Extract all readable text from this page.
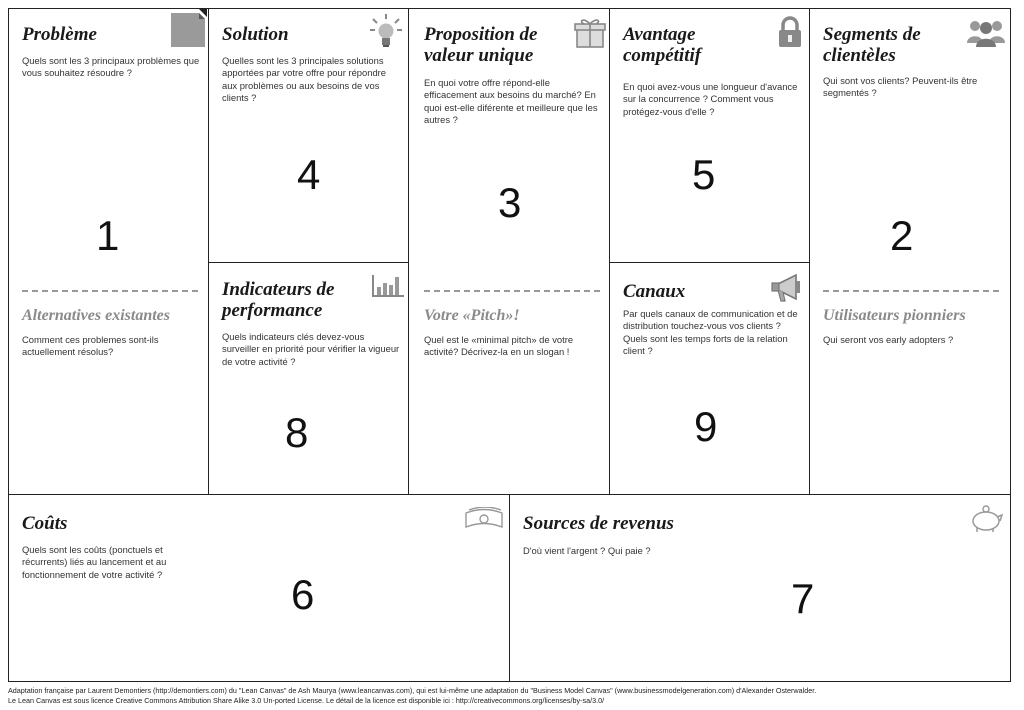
Problème
Quels sont les 3 principaux problèmes que vous souhaitez résoudre ?
1
Alternatives existantes
Comment ces problemes sont-ils actuellement résolus?
Solution
Quelles sont les 3 principales solutions apportées par votre offre pour répondre aux problèmes ou aux besoins de vos clients ?
4
Indicateurs de performance
Quels indicateurs clés devez-vous surveiller en priorité pour vérifier la vigueur de votre activité ?
8
Proposition de valeur unique
En quoi votre offre répond-elle efficacement aux besoins du marché? En quoi est-elle diférente et meilleure que les autres ?
3
Votre «Pitch»!
Quel est le «minimal pitch» de votre activité? Décrivez-la en un slogan !
Avantage compétitif
En quoi avez-vous une longueur d'avance sur la concurrence ? Comment vous protégez-vous d'elle ?
5
Canaux
Par quels canaux de communication et de distribution touchez-vous vos clients ? Quels sont les temps forts de la relation client ?
9
Segments de clientèles
Qui sont vos clients? Peuvent-ils être segmentés ?
2
Utilisateurs pionniers
Qui seront vos early adopters ?
Coûts
Quels sont les coûts (ponctuels et récurrents) liés au lancement et au fonctionnement de votre activité ?	6
Sources de revenus
D'où vient l'argent ? Qui paie ?
7
Adaptation française par Laurent Demontiers (http://demontiers.com) du "Lean Canvas" de Ash Maurya (www.leancanvas.com), qui est lui-même une adaptation du "Business Model Canvas" (www.businessmodelgeneration.com) d'Alexander Osterwalder.
Le Lean Canvas est sous licence Creative Commons Attribution Share Alike 3.0 Un-ported License. Le détail de la licence est disponible ici : http://creativecommons.org/licenses/by-sa/3.0/
